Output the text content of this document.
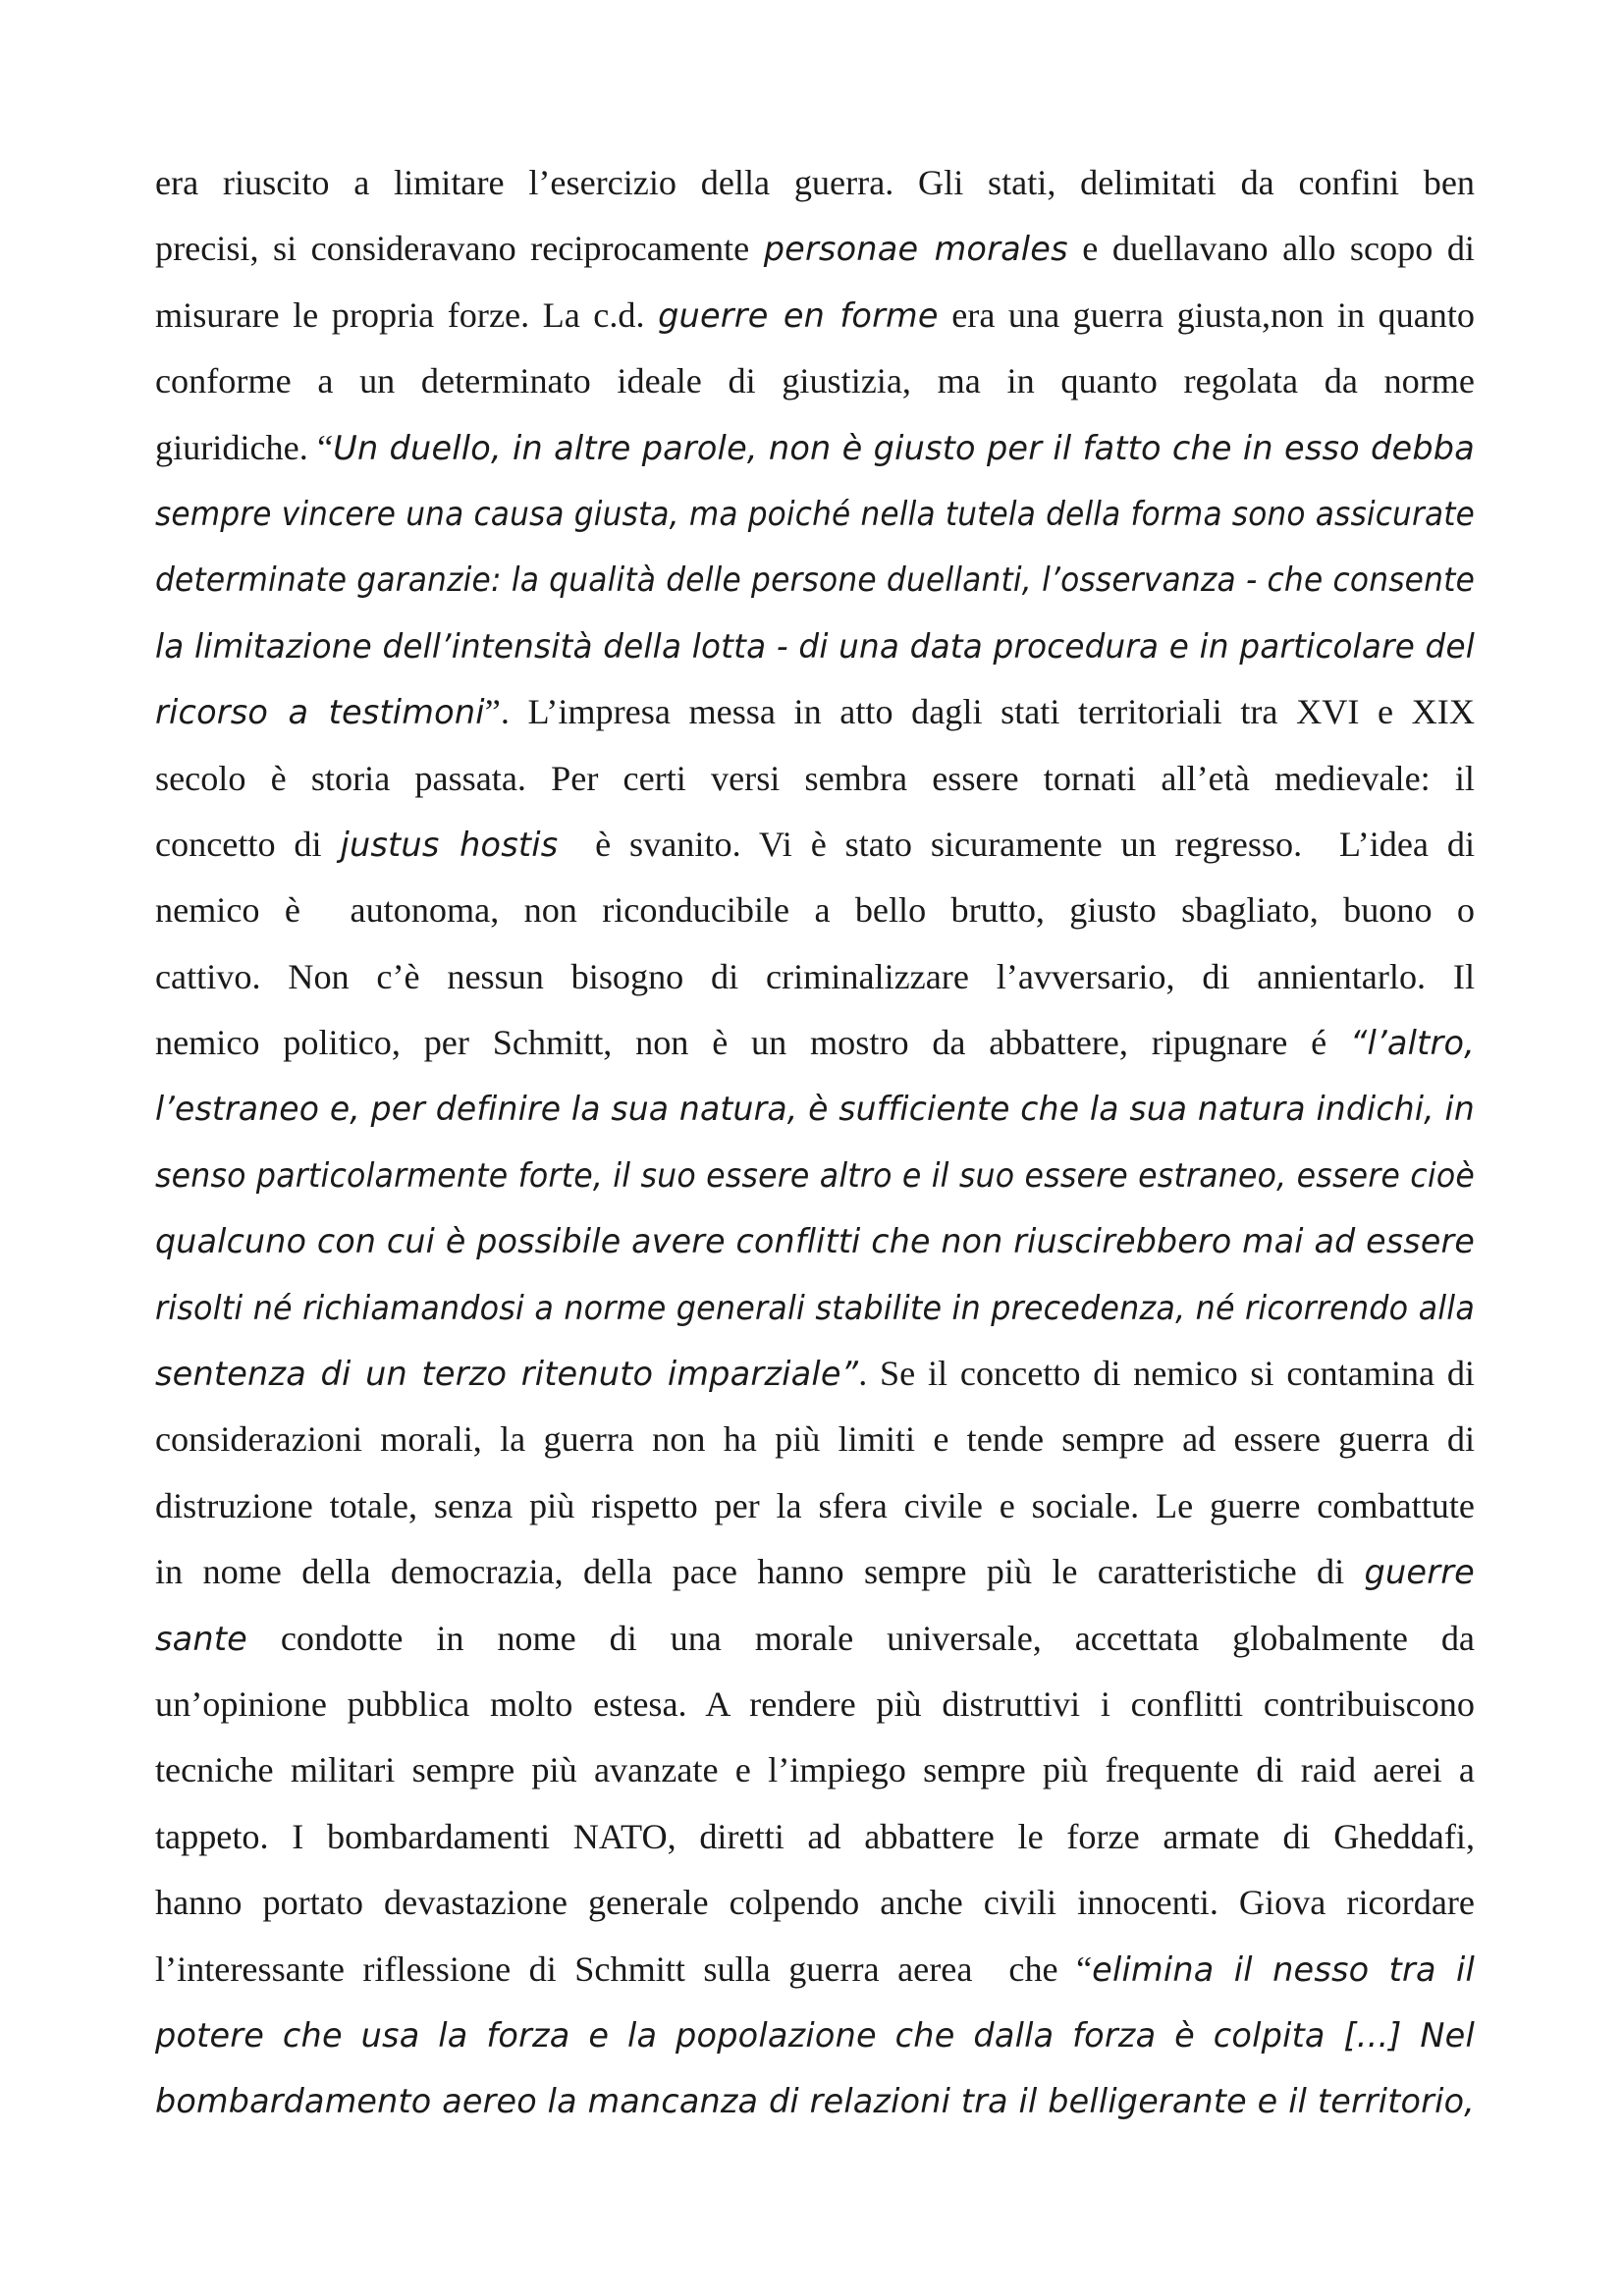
era riuscito a limitare l’esercizio della guerra. Gli stati, delimitati da confini ben
precisi, si consideravano reciprocamente personae morales e duellavano allo scopo di
misurare le propria forze. La c.d. guerre en forme era una guerra giusta,non in quanto
conforme a un determinato ideale di giustizia, ma in quanto regolata da norme
giuridiche. “Un duello, in altre parole, non è giusto per il fatto che in esso debba
sempre vincere una causa giusta, ma poiché nella tutela della forma sono assicurate
determinate garanzie: la qualità delle persone duellanti, l’osservanza - che consente
la limitazione dell’intensità della lotta - di una data procedura e in particolare del
ricorso a testimoni”. L’impresa messa in atto dagli stati territoriali tra XVI e XIX
secolo è storia passata. Per certi versi sembra essere tornati all’età medievale: il
concetto di justus hostis  è svanito. Vi è stato sicuramente un regresso.  L’idea di
nemico è  autonoma, non riconducibile a bello brutto, giusto sbagliato, buono o
cattivo. Non c’è nessun bisogno di criminalizzare l’avversario, di annientarlo. Il
nemico politico, per Schmitt, non è un mostro da abbattere, ripugnare é “l’altro,
l’estraneo e, per definire la sua natura, è sufficiente che la sua natura indichi, in
senso particolarmente forte, il suo essere altro e il suo essere estraneo, essere cioè
qualcuno con cui è possibile avere conflitti che non riuscirebbero mai ad essere
risolti né richiamandosi a norme generali stabilite in precedenza, né ricorrendo alla
sentenza di un terzo ritenuto imparziale”. Se il concetto di nemico si contamina di
considerazioni morali, la guerra non ha più limiti e tende sempre ad essere guerra di
distruzione totale, senza più rispetto per la sfera civile e sociale. Le guerre combattute
in nome della democrazia, della pace hanno sempre più le caratteristiche di guerre
sante condotte in nome di una morale universale, accettata globalmente da
un’opinione pubblica molto estesa. A rendere più distruttivi i conflitti contribuiscono
tecniche militari sempre più avanzate e l’impiego sempre più frequente di raid aerei a
tappeto. I bombardamenti NATO, diretti ad abbattere le forze armate di Gheddafi,
hanno portato devastazione generale colpendo anche civili innocenti. Giova ricordare
l’interessante riflessione di Schmitt sulla guerra aerea  che “elimina il nesso tra il
potere che usa la forza e la popolazione che dalla forza è colpita [...] Nel
bombardamento aereo la mancanza di relazioni tra il belligerante e il territorio,
